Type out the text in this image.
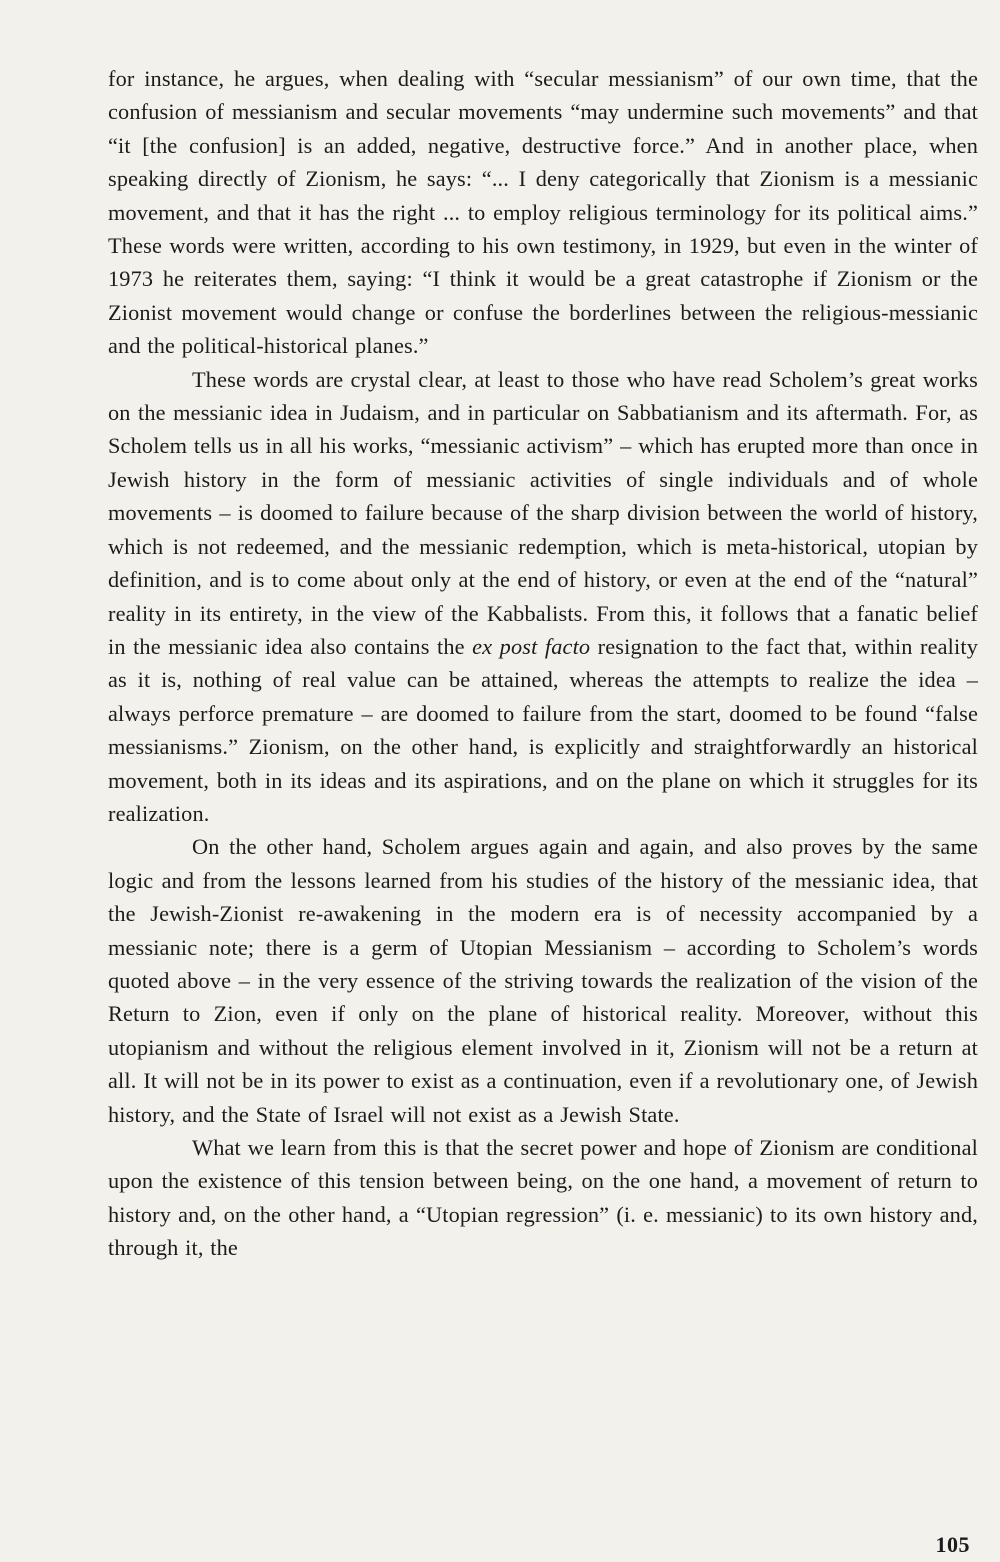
for instance, he argues, when dealing with “secular messianism” of our own time, that the confusion of messianism and secular movements “may undermine such movements” and that “it [the confusion] is an added, negative, destructive force.” And in another place, when speaking directly of Zionism, he says: “... I deny categorically that Zionism is a messianic movement, and that it has the right ... to employ religious terminology for its political aims.” These words were written, according to his own testimony, in 1929, but even in the winter of 1973 he reiterates them, saying: “I think it would be a great catastrophe if Zionism or the Zionist movement would change or confuse the borderlines between the religious-messianic and the political-historical planes.”

These words are crystal clear, at least to those who have read Scholem’s great works on the messianic idea in Judaism, and in particular on Sabbatianism and its aftermath. For, as Scholem tells us in all his works, “messianic activism” – which has erupted more than once in Jewish history in the form of messianic activities of single individuals and of whole movements – is doomed to failure because of the sharp division between the world of history, which is not redeemed, and the messianic redemption, which is meta-historical, utopian by definition, and is to come about only at the end of history, or even at the end of the “natural” reality in its entirety, in the view of the Kabbalists. From this, it follows that a fanatic belief in the messianic idea also contains the ex post facto resignation to the fact that, within reality as it is, nothing of real value can be attained, whereas the attempts to realize the idea – always perforce premature – are doomed to failure from the start, doomed to be found “false messianisms.” Zionism, on the other hand, is explicitly and straightforwardly an historical movement, both in its ideas and its aspirations, and on the plane on which it struggles for its realization.

On the other hand, Scholem argues again and again, and also proves by the same logic and from the lessons learned from his studies of the history of the messianic idea, that the Jewish-Zionist re-awakening in the modern era is of necessity accompanied by a messianic note; there is a germ of Utopian Messianism – according to Scholem’s words quoted above – in the very essence of the striving towards the realization of the vision of the Return to Zion, even if only on the plane of historical reality. Moreover, without this utopianism and without the religious element involved in it, Zionism will not be a return at all. It will not be in its power to exist as a continuation, even if a revolutionary one, of Jewish history, and the State of Israel will not exist as a Jewish State.

What we learn from this is that the secret power and hope of Zionism are conditional upon the existence of this tension between being, on the one hand, a movement of return to history and, on the other hand, a “Utopian regression” (i. e. messianic) to its own history and, through it, the

105
